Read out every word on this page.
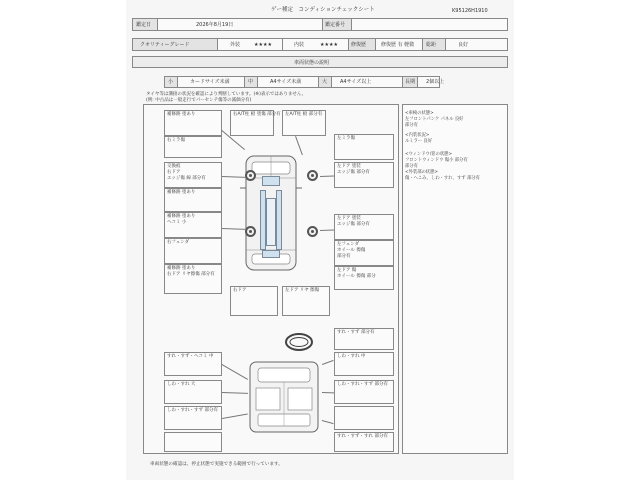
ゲー種定　コンディションチェックシート	K95126H1910
鑑定日	2026年8月19日	鑑定番号
クオリティーグレード	外装	★★★★	内装	★★★★	修復歴	修復歴 有 軽微 総距	良好
車両状態の説明
小	カードサイズ未満	中	A4サイズ未満	大	A4サイズ以上	長期 2個以上
タイヤ等は溝接の状況を確認により判断しています。(※)表示ではありません。
(例: 中古品は一般走行でパーセンテ傷等の減価分有)
<車検の状態>
左フロントパンク パネル 良好
部分有
<内装状況>
ルミラー 良好
<ウィンドウ/窓の状態>
フロントウィンドウ 傷小 部分有
部分有
<外装部の状態>
傷・へこみ、しわ・すれ、すず 部分有
補修跡 塗あり	右A/T柱 板 塗傷 部分有 左A/T柱 板 部分有
右ミラ傷	左ミラ傷
交換痕
右ドア
エッジ傷 線 部分有
左ドア 塗装
エッジ傷 部分有
補修跡 塗あり
補修跡 塗あり
ヘコミ 小
左ドア 塗装
エッジ傷 部分有
右フェンダ	左フェンダ
ホイール 擦傷
部分有
補修跡 塗あり
右ドア リヤ擦傷 部分有
左ドア 傷
ホイール 擦傷 部分
右ドア	左ドア リヤ 擦傷
すれ・すず 部分有
すれ・すず・ヘコミ 中	しわ・すれ 中
しわ・すれ 大	しわ・すれ・すず 部分有
しわ・すれ・すず 部分有
すれ・すず・すれ 部分有
車両状態の確認は、停止状態で実施できる範囲で行っています。
